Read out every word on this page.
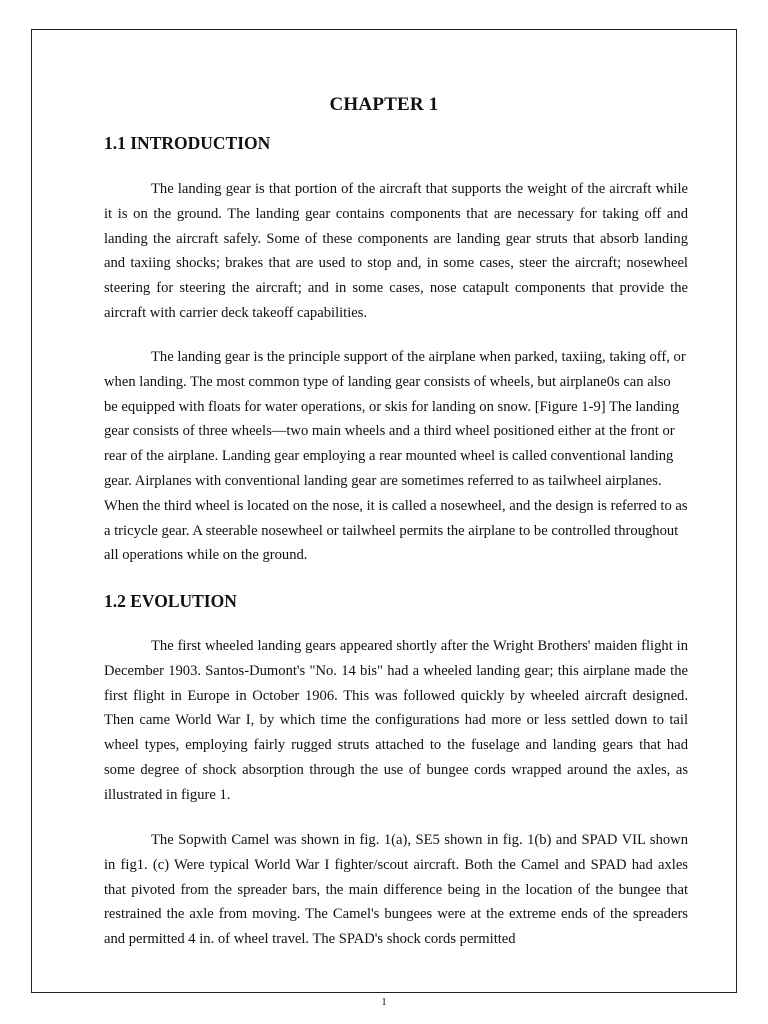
CHAPTER 1
1.1 INTRODUCTION

The landing gear is that portion of the aircraft that supports the weight of the aircraft while it is on the ground. The landing gear contains components that are necessary for taking off and landing the aircraft safely. Some of these components are landing gear struts that absorb landing and taxiing shocks; brakes that are used to stop and, in some cases, steer the aircraft; nosewheel steering for steering the aircraft; and in some cases, nose catapult components that provide the aircraft with carrier deck takeoff capabilities.

The landing gear is the principle support of the airplane when parked, taxiing, taking off, or when landing. The most common type of landing gear consists of wheels, but airplane0s can also be equipped with floats for water operations, or skis for landing on snow. [Figure 1-9] The landing gear consists of three wheels—two main wheels and a third wheel positioned either at the front or rear of the airplane. Landing gear employing a rear mounted wheel is called conventional landing gear. Airplanes with conventional landing gear are sometimes referred to as tailwheel airplanes. When the third wheel is located on the nose, it is called a nosewheel, and the design is referred to as a tricycle gear. A steerable nosewheel or tailwheel permits the airplane to be controlled throughout all operations while on the ground.

1.2 EVOLUTION

The first wheeled landing gears appeared shortly after the Wright Brothers' maiden flight in December 1903. Santos-Dumont's "No. 14 bis" had a wheeled landing gear; this airplane made the first flight in Europe in October 1906. This was followed quickly by wheeled aircraft designed. Then came World War I, by which time the configurations had more or less settled down to tail wheel types, employing fairly rugged struts attached to the fuselage and landing gears that had some degree of shock absorption through the use of bungee cords wrapped around the axles, as illustrated in figure 1.

The Sopwith Camel was shown in fig. 1(a), SE5 shown in fig. 1(b) and SPAD VIL shown in fig1. (c) Were typical World War I fighter/scout aircraft. Both the Camel and SPAD had axles that pivoted from the spreader bars, the main difference being in the location of the bungee that restrained the axle from moving. The Camel's bungees were at the extreme ends of the spreaders and permitted 4 in. of wheel travel. The SPAD's shock cords permitted

1
